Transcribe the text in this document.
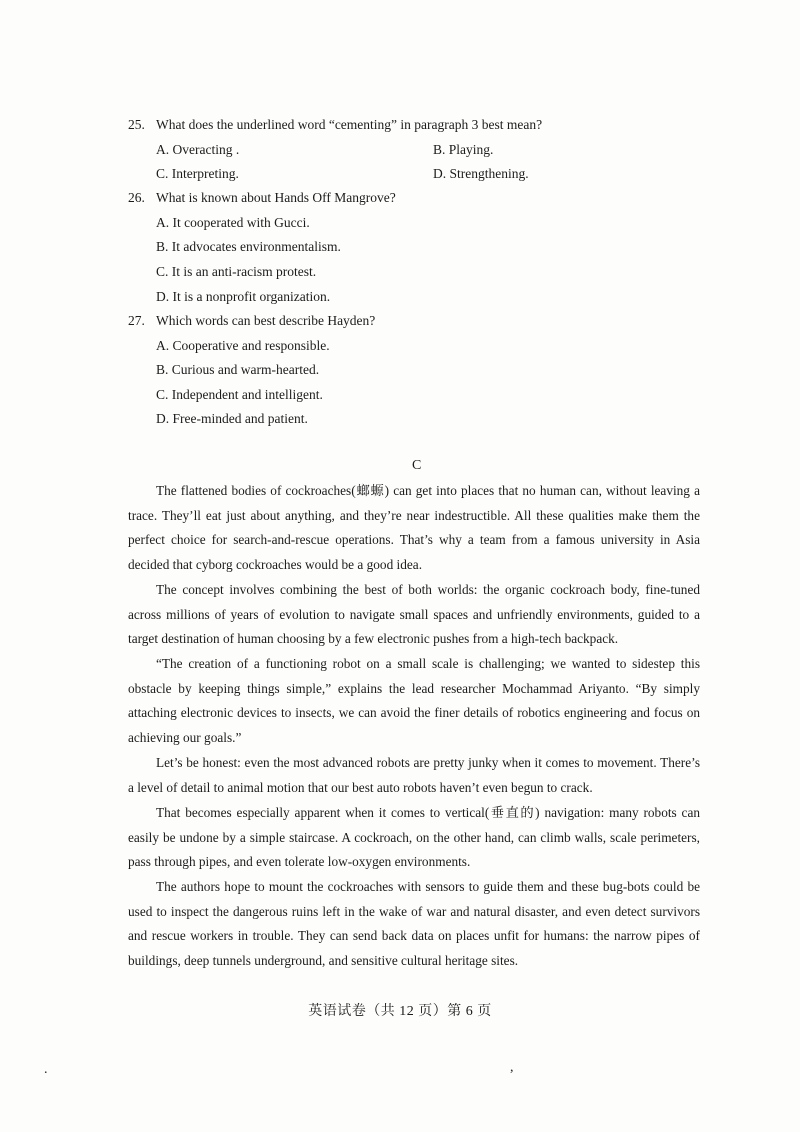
25. What does the underlined word “cementing” in paragraph 3 best mean?
A. Overacting .	B. Playing.
C. Interpreting.	D. Strengthening.
26. What is known about Hands Off Mangrove?
A. It cooperated with Gucci.
B. It advocates environmentalism.
C. It is an anti-racism protest.
D. It is a nonprofit organization.
27. Which words can best describe Hayden?
A. Cooperative and responsible.
B. Curious and warm-hearted.
C. Independent and intelligent.
D. Free-minded and patient.
C
The flattened bodies of cockroaches(螂螈) can get into places that no human can, without leaving a trace. They’ll eat just about anything, and they’re near indestructible. All these qualities make them the perfect choice for search-and-rescue operations. That’s why a team from a famous university in Asia decided that cyborg cockroaches would be a good idea.
The concept involves combining the best of both worlds: the organic cockroach body, fine-tuned across millions of years of evolution to navigate small spaces and unfriendly environments, guided to a target destination of human choosing by a few electronic pushes from a high-tech backpack.
“The creation of a functioning robot on a small scale is challenging; we wanted to sidestep this obstacle by keeping things simple,” explains the lead researcher Mochammad Ariyanto. “By simply attaching electronic devices to insects, we can avoid the finer details of robotics engineering and focus on achieving our goals.”
Let’s be honest: even the most advanced robots are pretty junky when it comes to movement. There’s a level of detail to animal motion that our best auto robots haven’t even begun to crack.
That becomes especially apparent when it comes to vertical(垂直的) navigation: many robots can easily be undone by a simple staircase. A cockroach, on the other hand, can climb walls, scale perimeters, pass through pipes, and even tolerate low-oxygen environments.
The authors hope to mount the cockroaches with sensors to guide them and these bug-bots could be used to inspect the dangerous ruins left in the wake of war and natural disaster, and even detect survivors and rescue workers in trouble. They can send back data on places unfit for humans: the narrow pipes of buildings, deep tunnels underground, and sensitive cultural heritage sites.
英语试卷（共 12 页）第 6 页
.	,
